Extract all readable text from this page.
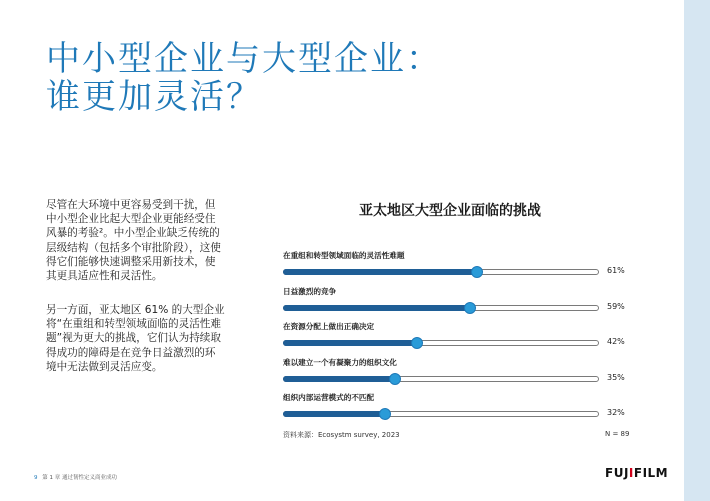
中小型企业与大型企业：
谁更加灵活？
尽管在大环境中更容易受到干扰，但中小型企业比起大型企业更能经受住风暴的考验²。中小型企业缺乏传统的层级结构（包括多个审批阶段），这使得它们能够快速调整采用新技术，使其更具适应性和灵活性。
另一方面，亚太地区 61% 的大型企业将“在重组和转型领域面临的灵活性难题”视为更大的挑战，它们认为持续取得成功的障碍是在竞争日益激烈的环境中无法做到灵活应变。
亚太地区大型企业面临的挑战
在重组和转型领域面临的灵活性难题
61%
日益激烈的竞争
59%
在资源分配上做出正确决定
42%
难以建立一个有凝聚力的组织文化
35%
组织内部运营模式的不匹配
32%
资料来源：Ecosystm survey, 2023	N = 89
9 第 1 章 通过韧性定义商业成功	FUJIFILM
